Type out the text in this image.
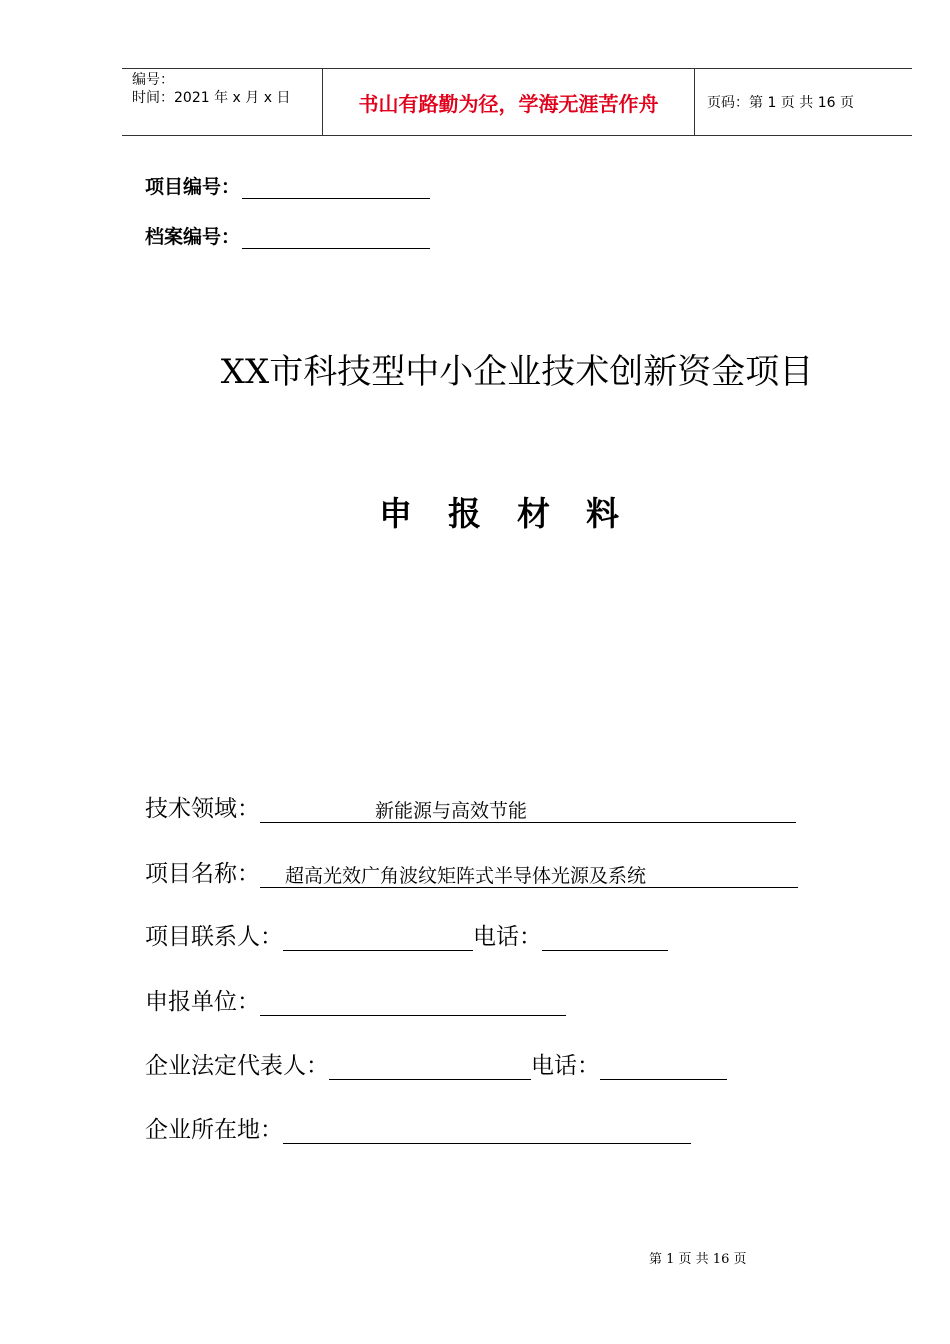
编号：
时间：2021 年 x 月 x 日	书山有路勤为径，学海无涯苦作舟	页码：第 1 页 共 16 页
项目编号：
档案编号：
XX市科技型中小企业技术创新资金项目
申报材料
技术领域：	新能源与高效节能
项目名称： 超高光效广角波纹矩阵式半导体光源及系统
项目联系人：	电话：
申报单位：
企业法定代表人：	电话：
企业所在地：
第 1 页 共 16 页
